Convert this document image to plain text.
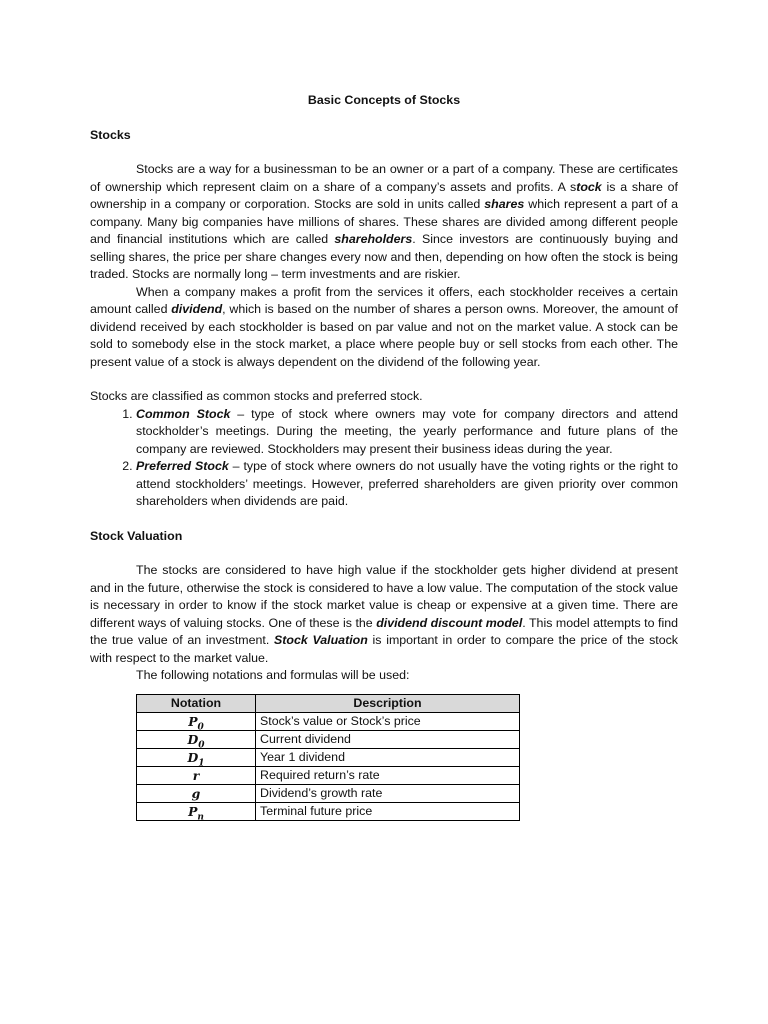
Basic Concepts of Stocks
Stocks

Stocks are a way for a businessman to be an owner or a part of a company. These are certificates of ownership which represent claim on a share of a company’s assets and profits. A stock is a share of ownership in a company or corporation. Stocks are sold in units called shares which represent a part of a company. Many big companies have millions of shares. These shares are divided among different people and financial institutions which are called shareholders. Since investors are continuously buying and selling shares, the price per share changes every now and then, depending on how often the stock is being traded. Stocks are normally long – term investments and are riskier.

When a company makes a profit from the services it offers, each stockholder receives a certain amount called dividend, which is based on the number of shares a person owns. Moreover, the amount of dividend received by each stockholder is based on par value and not on the market value. A stock can be sold to somebody else in the stock market, a place where people buy or sell stocks from each other. The present value of a stock is always dependent on the dividend of the following year.

Stocks are classified as common stocks and preferred stock.

1. Common Stock – type of stock where owners may vote for company directors and attend stockholder’s meetings. During the meeting, the yearly performance and future plans of the company are reviewed. Stockholders may present their business ideas during the year.
2. Preferred Stock – type of stock where owners do not usually have the voting rights or the right to attend stockholders’ meetings. However, preferred shareholders are given priority over common shareholders when dividends are paid.
Stock Valuation

The stocks are considered to have high value if the stockholder gets higher dividend at present and in the future, otherwise the stock is considered to have a low value. The computation of the stock value is necessary in order to know if the stock market value is cheap or expensive at a given time. There are different ways of valuing stocks. One of these is the dividend discount model. This model attempts to find the true value of an investment. Stock Valuation is important in order to compare the price of the stock with respect to the market value.

The following notations and formulas will be used:

Notation	Description
$P_0$	Stock’s value or Stock’s price
$D_0$	Current dividend
$D_1$	Year 1 dividend
r	Required return’s rate
g	Dividend’s growth rate
$P_n$	Terminal future price
